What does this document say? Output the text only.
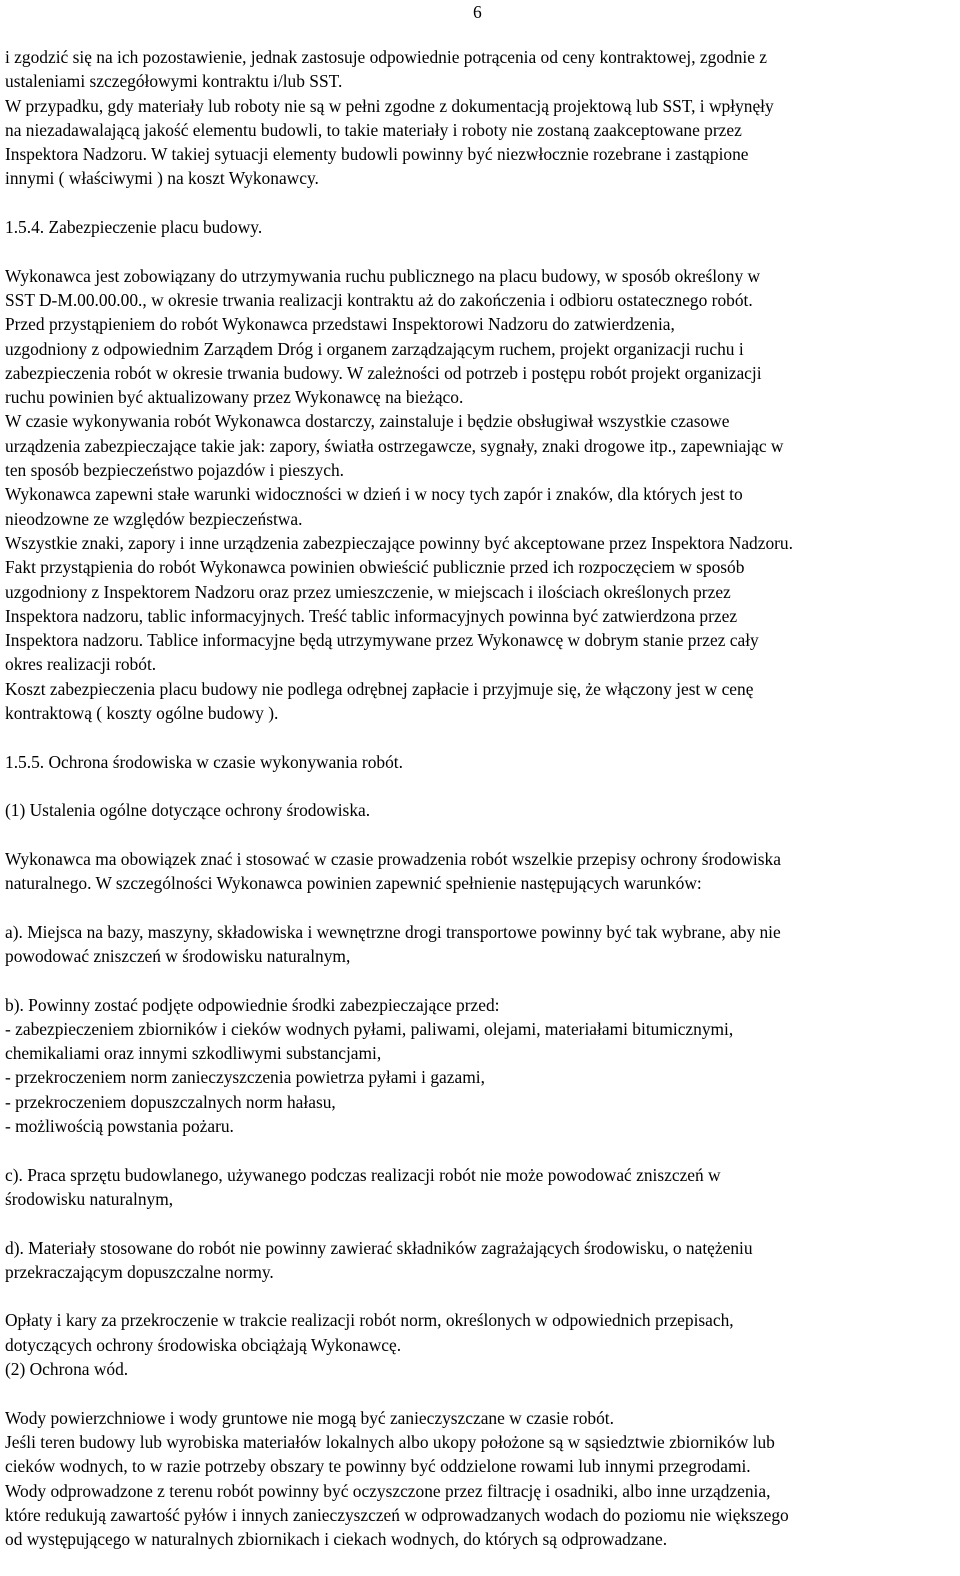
6
i zgodzić się na ich pozostawienie, jednak zastosuje odpowiednie potrącenia od ceny kontraktowej, zgodnie z
ustaleniami szczegółowymi kontraktu i/lub SST.
W przypadku, gdy materiały lub roboty nie są w pełni zgodne z dokumentacją projektową lub SST, i wpłynęły
na niezadawalającą jakość elementu budowli, to takie materiały i roboty nie zostaną zaakceptowane przez
Inspektora Nadzoru. W takiej sytuacji elementy budowli powinny być niezwłocznie rozebrane i zastąpione
innymi ( właściwymi ) na koszt Wykonawcy.
1.5.4. Zabezpieczenie placu budowy.
Wykonawca jest zobowiązany do utrzymywania ruchu publicznego na placu budowy, w sposób określony w
SST D-M.00.00.00., w okresie trwania realizacji kontraktu aż do zakończenia i odbioru ostatecznego robót.
Przed przystąpieniem do robót Wykonawca przedstawi Inspektorowi Nadzoru do zatwierdzenia,
uzgodniony z odpowiednim Zarządem Dróg i organem zarządzającym ruchem, projekt organizacji ruchu i
zabezpieczenia robót w okresie trwania budowy. W zależności od potrzeb i postępu robót projekt organizacji
ruchu powinien być aktualizowany przez Wykonawcę na bieżąco.
W czasie wykonywania robót Wykonawca dostarczy, zainstaluje i będzie obsługiwał wszystkie czasowe
urządzenia zabezpieczające takie jak: zapory, światła ostrzegawcze, sygnały, znaki drogowe itp., zapewniając w
ten sposób bezpieczeństwo pojazdów i pieszych.
Wykonawca zapewni stałe warunki widoczności w dzień i w nocy tych zapór i znaków, dla których jest to
nieodzowne ze względów bezpieczeństwa.
Wszystkie znaki, zapory i inne urządzenia zabezpieczające powinny być akceptowane przez Inspektora Nadzoru.
Fakt przystąpienia do robót Wykonawca powinien obwieścić publicznie przed ich rozpoczęciem w sposób
uzgodniony z Inspektorem Nadzoru oraz przez umieszczenie, w miejscach i ilościach określonych przez
Inspektora nadzoru, tablic informacyjnych. Treść tablic informacyjnych powinna być zatwierdzona przez
Inspektora nadzoru. Tablice informacyjne będą utrzymywane przez Wykonawcę w dobrym stanie przez cały
okres realizacji robót.
Koszt zabezpieczenia placu budowy nie podlega odrębnej zapłacie i przyjmuje się, że włączony jest w cenę
kontraktową ( koszty ogólne budowy ).
1.5.5. Ochrona środowiska w czasie wykonywania robót.
(1) Ustalenia ogólne dotyczące ochrony środowiska.
Wykonawca ma obowiązek znać i stosować w czasie prowadzenia robót wszelkie przepisy ochrony środowiska
naturalnego. W szczególności Wykonawca powinien zapewnić spełnienie następujących warunków:
a). Miejsca na bazy, maszyny, składowiska i wewnętrzne drogi transportowe powinny być tak wybrane, aby nie
powodować zniszczeń w środowisku naturalnym,
b). Powinny zostać podjęte odpowiednie środki zabezpieczające przed:
- zabezpieczeniem zbiorników i cieków wodnych pyłami, paliwami, olejami, materiałami bitumicznymi,
chemikaliami oraz innymi szkodliwymi substancjami,
- przekroczeniem norm zanieczyszczenia powietrza pyłami i gazami,
- przekroczeniem dopuszczalnych norm hałasu,
- możliwością powstania pożaru.
c). Praca sprzętu budowlanego, używanego podczas realizacji robót nie może powodować zniszczeń w
środowisku naturalnym,
d). Materiały stosowane do robót nie powinny zawierać składników zagrażających środowisku, o natężeniu
przekraczającym dopuszczalne normy.
Opłaty i kary za przekroczenie w trakcie realizacji robót norm, określonych w odpowiednich przepisach,
dotyczących ochrony środowiska obciążają Wykonawcę.
(2) Ochrona wód.
Wody powierzchniowe i wody gruntowe nie mogą być zanieczyszczane w czasie robót.
Jeśli teren budowy lub wyrobiska materiałów lokalnych albo ukopy położone są w sąsiedztwie zbiorników lub
cieków wodnych, to w razie potrzeby obszary te powinny być oddzielone rowami lub innymi przegrodami.
Wody odprowadzone z terenu robót powinny być oczyszczone przez filtrację i osadniki, albo inne urządzenia,
które redukują zawartość pyłów i innych zanieczyszczeń w odprowadzanych wodach do poziomu nie większego
od występującego w naturalnych zbiornikach i ciekach wodnych, do których są odprowadzane.
